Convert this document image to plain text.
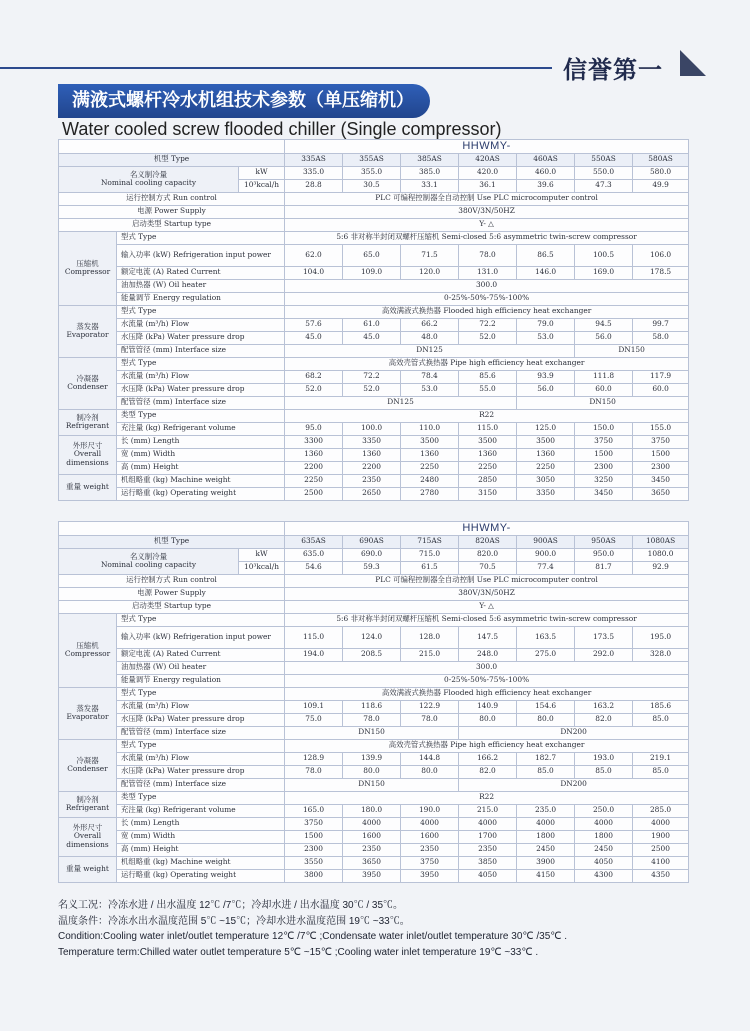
信誉第一
满液式螺杆冷水机组技术参数（单压缩机）
Water cooled screw flooded chiller (Single compressor)
			HHWMY-						
机型 Type			335AS	355AS	385AS	420AS	460AS	550AS	580AS

名义制冷量
Nominal cooling capacity		kW	335.0	355.0	385.0	420.0	460.0	550.0	580.0
		10³kcal/h	28.8	30.5	33.1	36.1	39.6	47.3	49.9
运行控制方式 Run control			PLC 可编程控制器全自动控制 Use PLC microcomputer control						
电源 Power Supply			380V/3N/50HZ						
启动类型 Startup type			Y- △						

压缩机
Compressor	型式 Type		5:6 非对称半封闭双螺杆压缩机 Semi-closed 5:6 asymmetric twin-screw compressor						
	输入功率 (kW) Refrigeration input power		62.0	65.0	71.5	78.0	86.5	100.5	106.0
	额定电流 (A) Rated Current		104.0	109.0	120.0	131.0	146.0	169.0	178.5
	油加热器 (W) Oil heater		300.0						
	能量调节 Energy regulation		0-25%-50%-75%-100%						

蒸发器
Evaporator	型式 Type		高效满液式换热器 Flooded high efficiency heat exchanger						
	水流量 (m³/h) Flow		57.6	61.0	66.2	72.2	79.0	94.5	99.7
	水压降 (kPa) Water pressure drop		45.0	45.0	48.0	52.0	53.0	56.0	58.0
	配管管径 (mm) Interface size		DN125					DN150	

冷凝器
Condenser	型式 Type		高效壳管式换热器 Pipe high efficiency heat exchanger						
	水流量 (m³/h) Flow		68.2	72.2	78.4	85.6	93.9	111.8	117.9
	水压降 (kPa) Water pressure drop		52.0	52.0	53.0	55.0	56.0	60.0	60.0
	配管管径 (mm) Interface size		DN125				DN150		

制冷剂
Refrigerant	类型 Type		R22						
	充注量 (kg) Refrigerant volume		95.0	100.0	110.0	115.0	125.0	150.0	155.0

外形尺寸
Overall
dimensions	长 (mm) Length		3300	3350	3500	3500	3500	3750	3750
	宽 (mm) Width		1360	1360	1360	1360	1360	1500	1500
	高 (mm) Height		2200	2200	2250	2250	2250	2300	2300
重量 weight	机组略重 (kg) Machine weight		2250	2350	2480	2850	3050	3250	3450
	运行略重 (kg) Operating weight		2500	2650	2780	3150	3350	3450	3650
			HHWMY-						
机型 Type			635AS	690AS	715AS	820AS	900AS	950AS	1080AS

名义制冷量
Nominal cooling capacity		kW	635.0	690.0	715.0	820.0	900.0	950.0	1080.0
		10³kcal/h	54.6	59.3	61.5	70.5	77.4	81.7	92.9
运行控制方式 Run control			PLC 可编程控制器全自动控制 Use PLC microcomputer control						
电源 Power Supply			380V/3N/50HZ						
启动类型 Startup type			Y- △						

压缩机
Compressor	型式 Type		5:6 非对称半封闭双螺杆压缩机 Semi-closed 5:6 asymmetric twin-screw compressor						
	输入功率 (kW) Refrigeration input power		115.0	124.0	128.0	147.5	163.5	173.5	195.0
	额定电流 (A) Rated Current		194.0	208.5	215.0	248.0	275.0	292.0	328.0
	油加热器 (W) Oil heater		300.0						
	能量调节 Energy regulation		0-25%-50%-75%-100%						

蒸发器
Evaporator	型式 Type		高效满液式换热器 Flooded high efficiency heat exchanger						
	水流量 (m³/h) Flow		109.1	118.6	122.9	140.9	154.6	163.2	185.6
	水压降 (kPa) Water pressure drop		75.0	78.0	78.0	80.0	80.0	82.0	85.0
	配管管径 (mm) Interface size		DN150			DN200			

冷凝器
Condenser	型式 Type		高效壳管式换热器 Pipe high efficiency heat exchanger						
	水流量 (m³/h) Flow		128.9	139.9	144.8	166.2	182.7	193.0	219.1
	水压降 (kPa) Water pressure drop		78.0	80.0	80.0	82.0	85.0	85.0	85.0
	配管管径 (mm) Interface size		DN150			DN200			

制冷剂
Refrigerant	类型 Type		R22						
	充注量 (kg) Refrigerant volume		165.0	180.0	190.0	215.0	235.0	250.0	285.0

外形尺寸
Overall
dimensions	长 (mm) Length		3750	4000	4000	4000	4000	4000	4000
	宽 (mm) Width		1500	1600	1600	1700	1800	1800	1900
	高 (mm) Height		2300	2350	2350	2350	2450	2450	2500
重量 weight	机组略重 (kg) Machine weight		3550	3650	3750	3850	3900	4050	4100
	运行略重 (kg) Operating weight		3800	3950	3950	4050	4150	4300	4350
名义工况：冷冻水进 / 出水温度 12℃ /7℃；冷却水进 / 出水温度 30℃ / 35℃。
温度条件：冷冻水出水温度范围 5℃ ~15℃；冷却水进水温度范围 19℃ ~33℃。
Condition:Cooling water inlet/outlet temperature 12℃ /7℃ ;Condensate water inlet/outlet temperature 30℃ /35℃ .
Temperature term:Chilled water outlet temperature 5℃ ~15℃ ;Cooling water inlet temperature 19℃ ~33℃ .
